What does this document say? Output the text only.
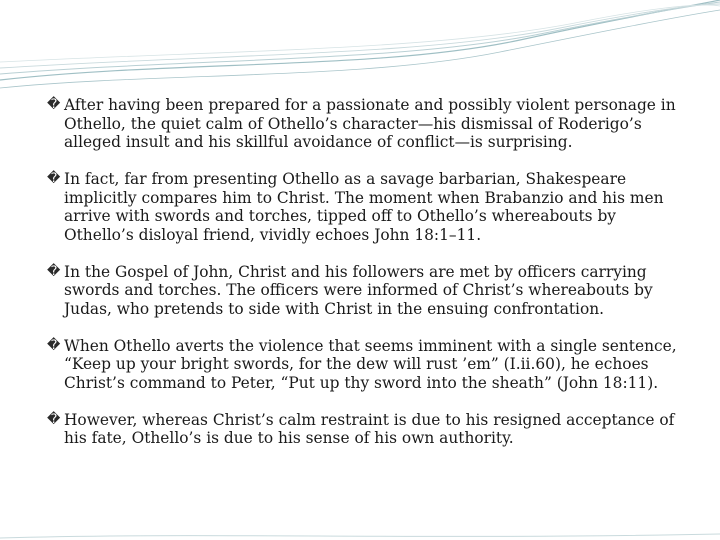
� After having been prepared for a passionate and possibly violent personage in Othello, the quiet calm of Othello’s character—his dismissal of Roderigo’s alleged insult and his skillful avoidance of conflict—is surprising.
� In fact, far from presenting Othello as a savage barbarian, Shakespeare implicitly compares him to Christ. The moment when Brabanzio and his men arrive with swords and torches, tipped off to Othello’s whereabouts by Othello’s disloyal friend, vividly echoes John 18:1–11.
� In the Gospel of John, Christ and his followers are met by officers carrying swords and torches. The officers were informed of Christ’s whereabouts by Judas, who pretends to side with Christ in the ensuing confrontation.
� When Othello averts the violence that seems imminent with a single sentence, “Keep up your bright swords, for the dew will rust ’em” (I.ii.60), he echoes Christ’s command to Peter, “Put up thy sword into the sheath” (John 18:11).
� However, whereas Christ’s calm restraint is due to his resigned acceptance of his fate, Othello’s is due to his sense of his own authority.
